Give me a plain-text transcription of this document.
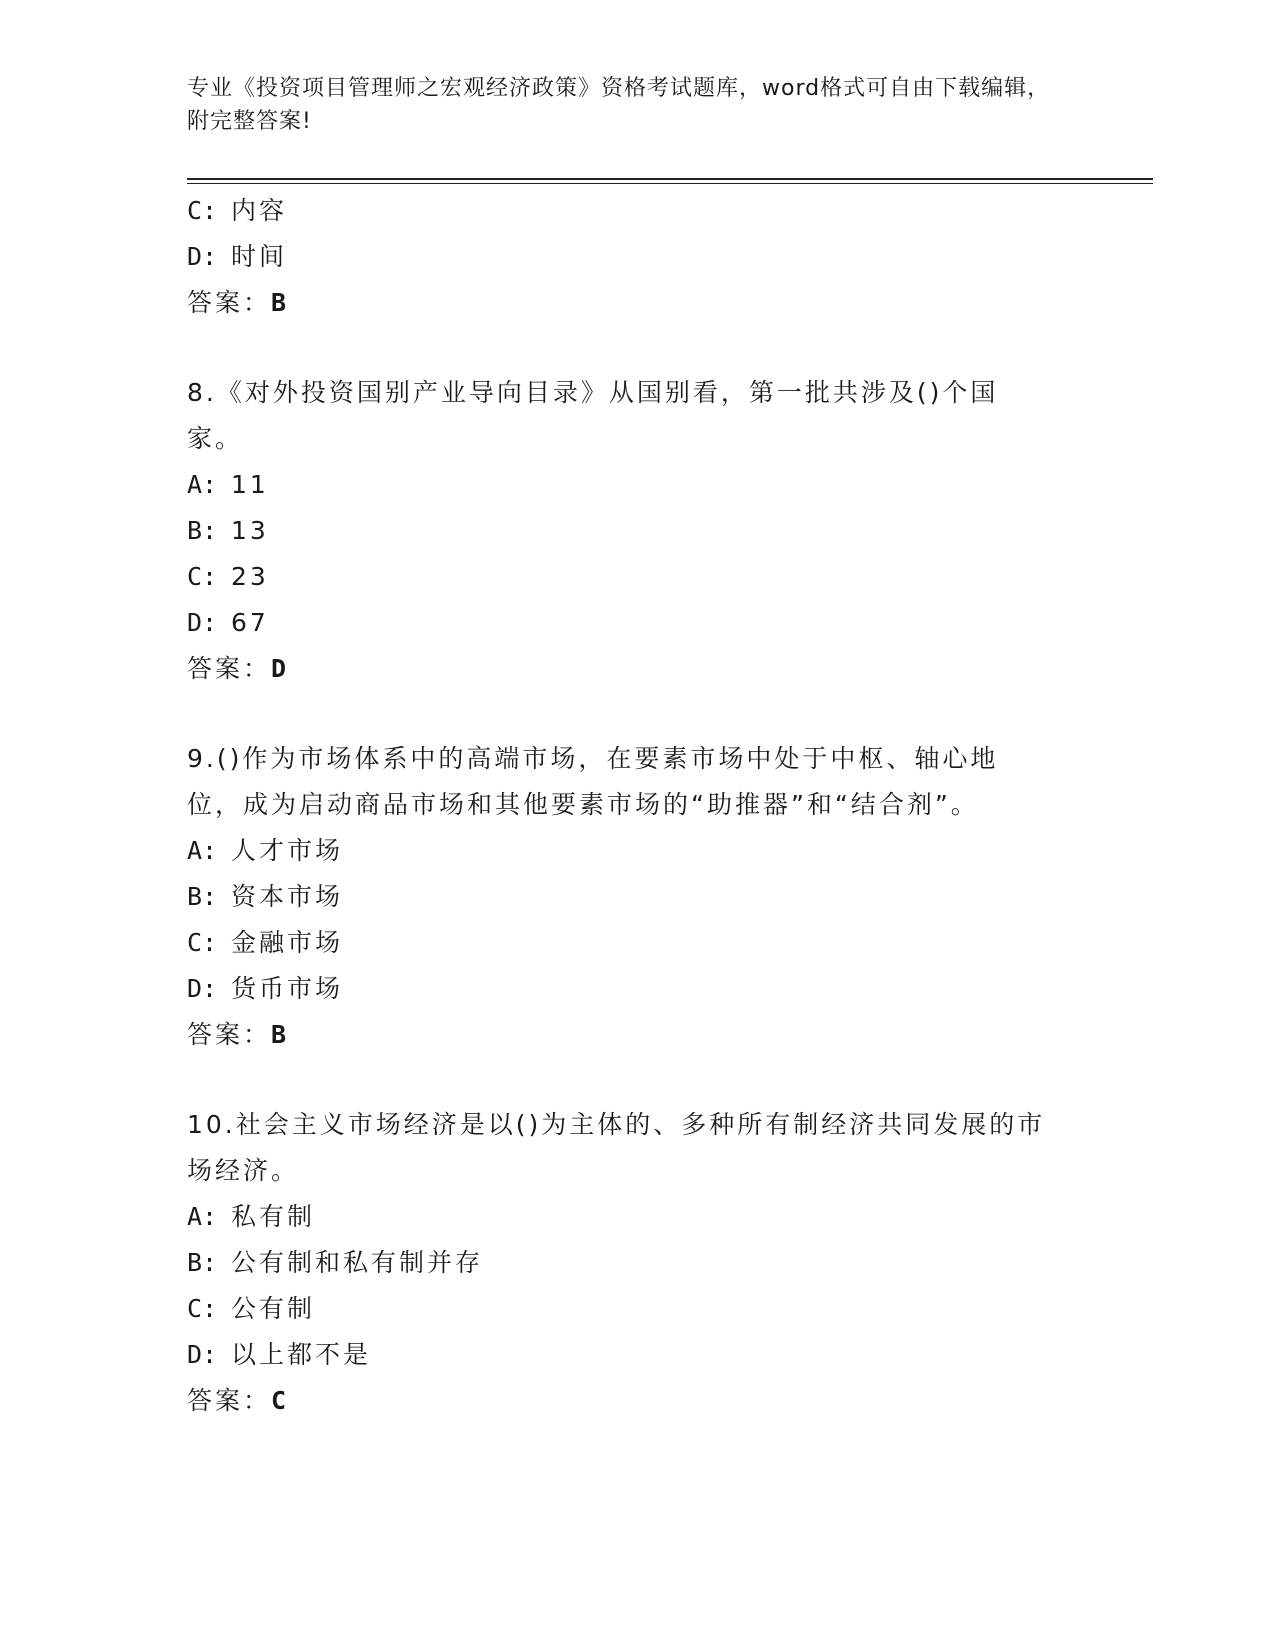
专业《投资项目管理师之宏观经济政策》资格考试题库，word格式可自由下载编辑，附完整答案!
C: 内容
D: 时间
答案：B
8.《对外投资国别产业导向目录》从国别看，第一批共涉及()个国家。
A: 11
B: 13
C: 23
D: 67
答案：D
9.()作为市场体系中的高端市场，在要素市场中处于中枢、轴心地位，成为启动商品市场和其他要素市场的“助推器”和“结合剂”。
A: 人才市场
B: 资本市场
C: 金融市场
D: 货币市场
答案：B
10.社会主义市场经济是以()为主体的、多种所有制经济共同发展的市场经济。
A: 私有制
B: 公有制和私有制并存
C: 公有制
D: 以上都不是
答案：C
